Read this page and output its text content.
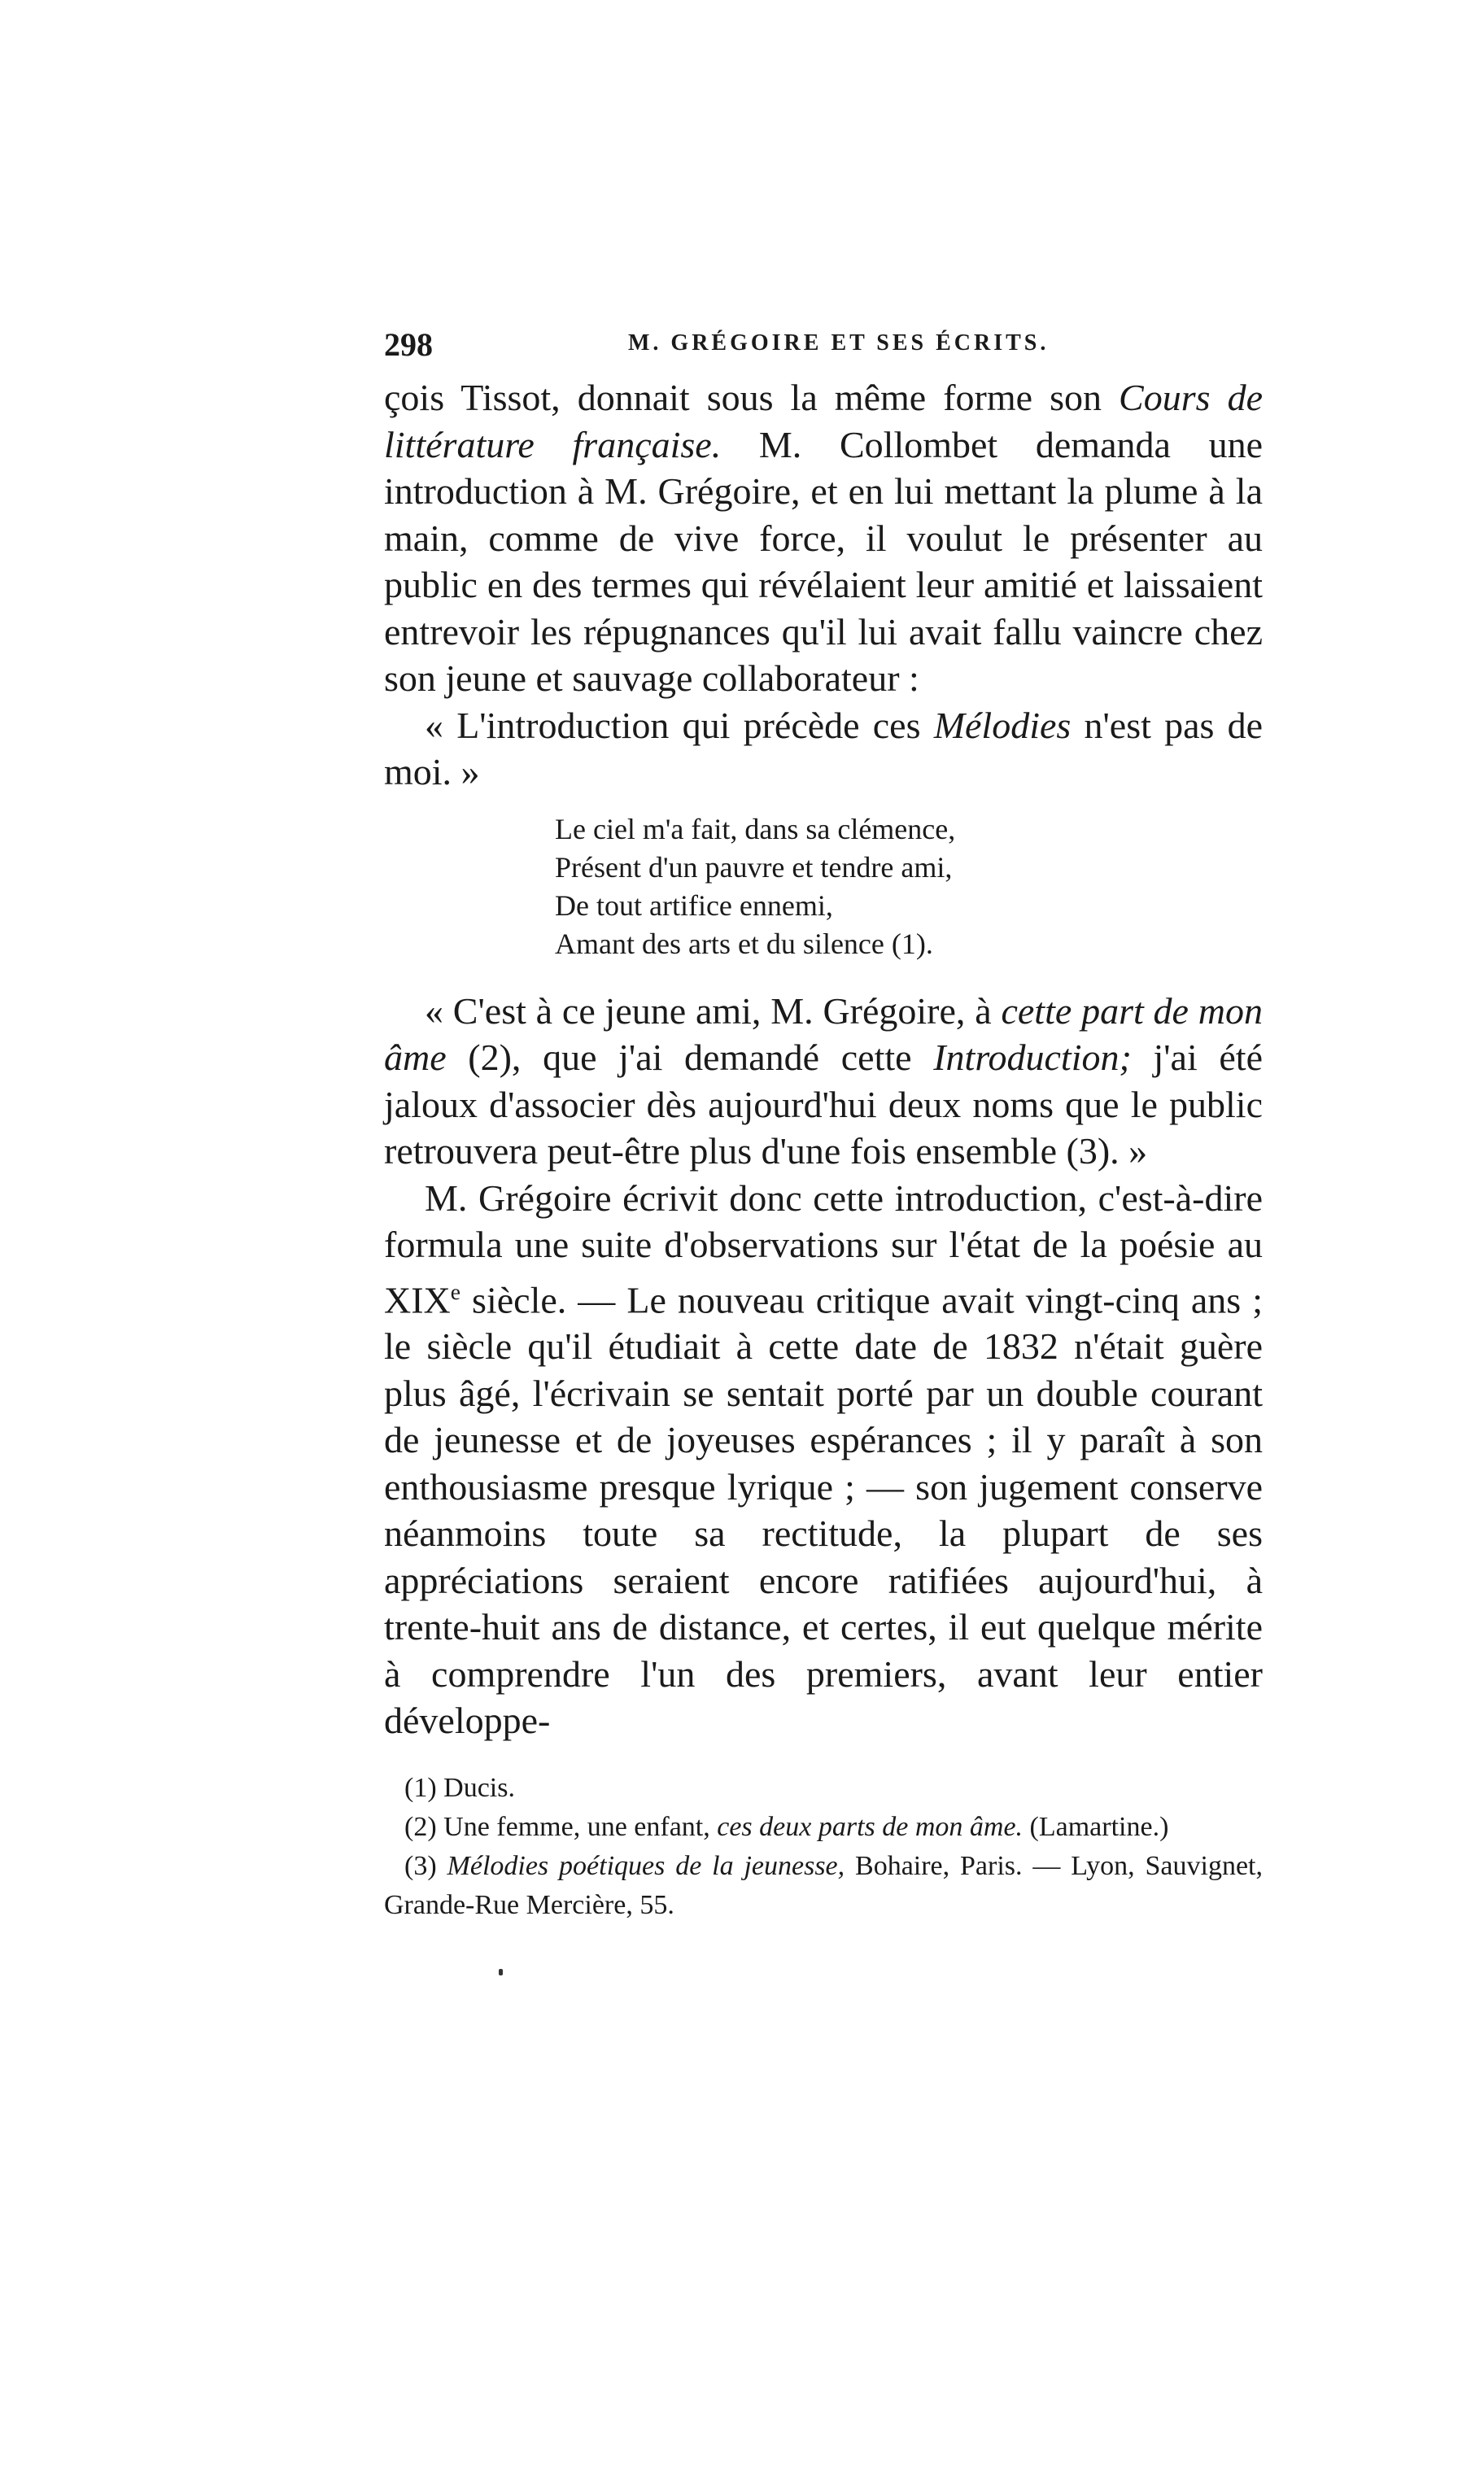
298	M. GRÉGOIRE ET SES ÉCRITS.

çois Tissot, donnait sous la même forme son Cours de littérature française. M. Collombet demanda une introduction à M. Grégoire, et en lui mettant la plume à la main, comme de vive force, il voulut le présenter au public en des termes qui révélaient leur amitié et laissaient entrevoir les répugnances qu'il lui avait fallu vaincre chez son jeune et sauvage collaborateur :

« L'introduction qui précède ces Mélodies n'est pas de moi. »

Le ciel m'a fait, dans sa clémence,
Présent d'un pauvre et tendre ami,
De tout artifice ennemi,
Amant des arts et du silence (1).

« C'est à ce jeune ami, M. Grégoire, à cette part de mon âme (2), que j'ai demandé cette Introduction; j'ai été jaloux d'associer dès aujourd'hui deux noms que le public retrouvera peut-être plus d'une fois ensemble (3). »

M. Grégoire écrivit donc cette introduction, c'est-à-dire formula une suite d'observations sur l'état de la poésie au XIXe siècle. — Le nouveau critique avait vingt-cinq ans ; le siècle qu'il étudiait à cette date de 1832 n'était guère plus âgé, l'écrivain se sentait porté par un double courant de jeunesse et de joyeuses espérances ; il y paraît à son enthousiasme presque lyrique ; — son jugement conserve néanmoins toute sa rectitude, la plupart de ses appréciations seraient encore ratifiées aujourd'hui, à trente-huit ans de distance, et certes, il eut quelque mérite à comprendre l'un des premiers, avant leur entier développe-

(1) Ducis.

(2) Une femme, une enfant, ces deux parts de mon âme. (Lamartine.)

(3) Mélodies poétiques de la jeunesse, Bohaire, Paris. — Lyon, Sauvignet, Grande-Rue Mercière, 55.
